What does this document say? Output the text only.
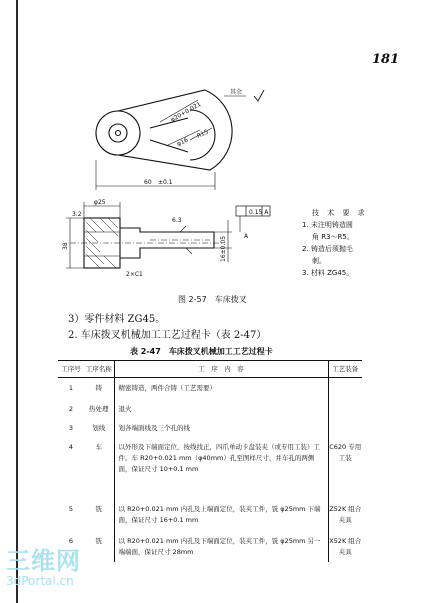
181
其余
φ20+0.021
φ16
R15
60 ±0.1
φ25
0.15 A
6.3
3.2
16±0.05
38
2×C1
A
技 术 要 求
1. 未注明铸造圆
角 R3～R5。
2. 铸造后须抛毛
刺。
3. 材料 ZG45。
图 2-57 车床拨叉
3）零件材料 ZG45。
2. 车床拨叉机械加工工艺过程卡（表 2-47）
表 2-47 车床拨叉机械加工工艺过程卡
工序号	工序名称	工　序　内　容	工艺装备
1	铸	精密铸造，两件合铸（工艺需要）	
2	热处理	退火	
3	划线	划各端面线及三个孔的线	
4	车	以外形及下端面定位，按线找正，四爪单动卡盘装夹（或专用工装）工件。车 R20+0.021 mm（φ40mm）孔至图样尺寸，并车孔的两侧面，保证尺寸 10+0.1 mm	C620 专用工装
5	铣	以 R20+0.021 mm 内孔及上端面定位，装夹工件，铣 φ25mm 下端面，保证尺寸 16+0.1 mm	Z52K 组合夹具
6	铣	以 R20+0.021 mm 内孔及下端面定位，装夹工件，铣 φ25mm 另一端端面，保证尺寸 28mm	X52K 组合夹具
三维网
3dPortal.cn
